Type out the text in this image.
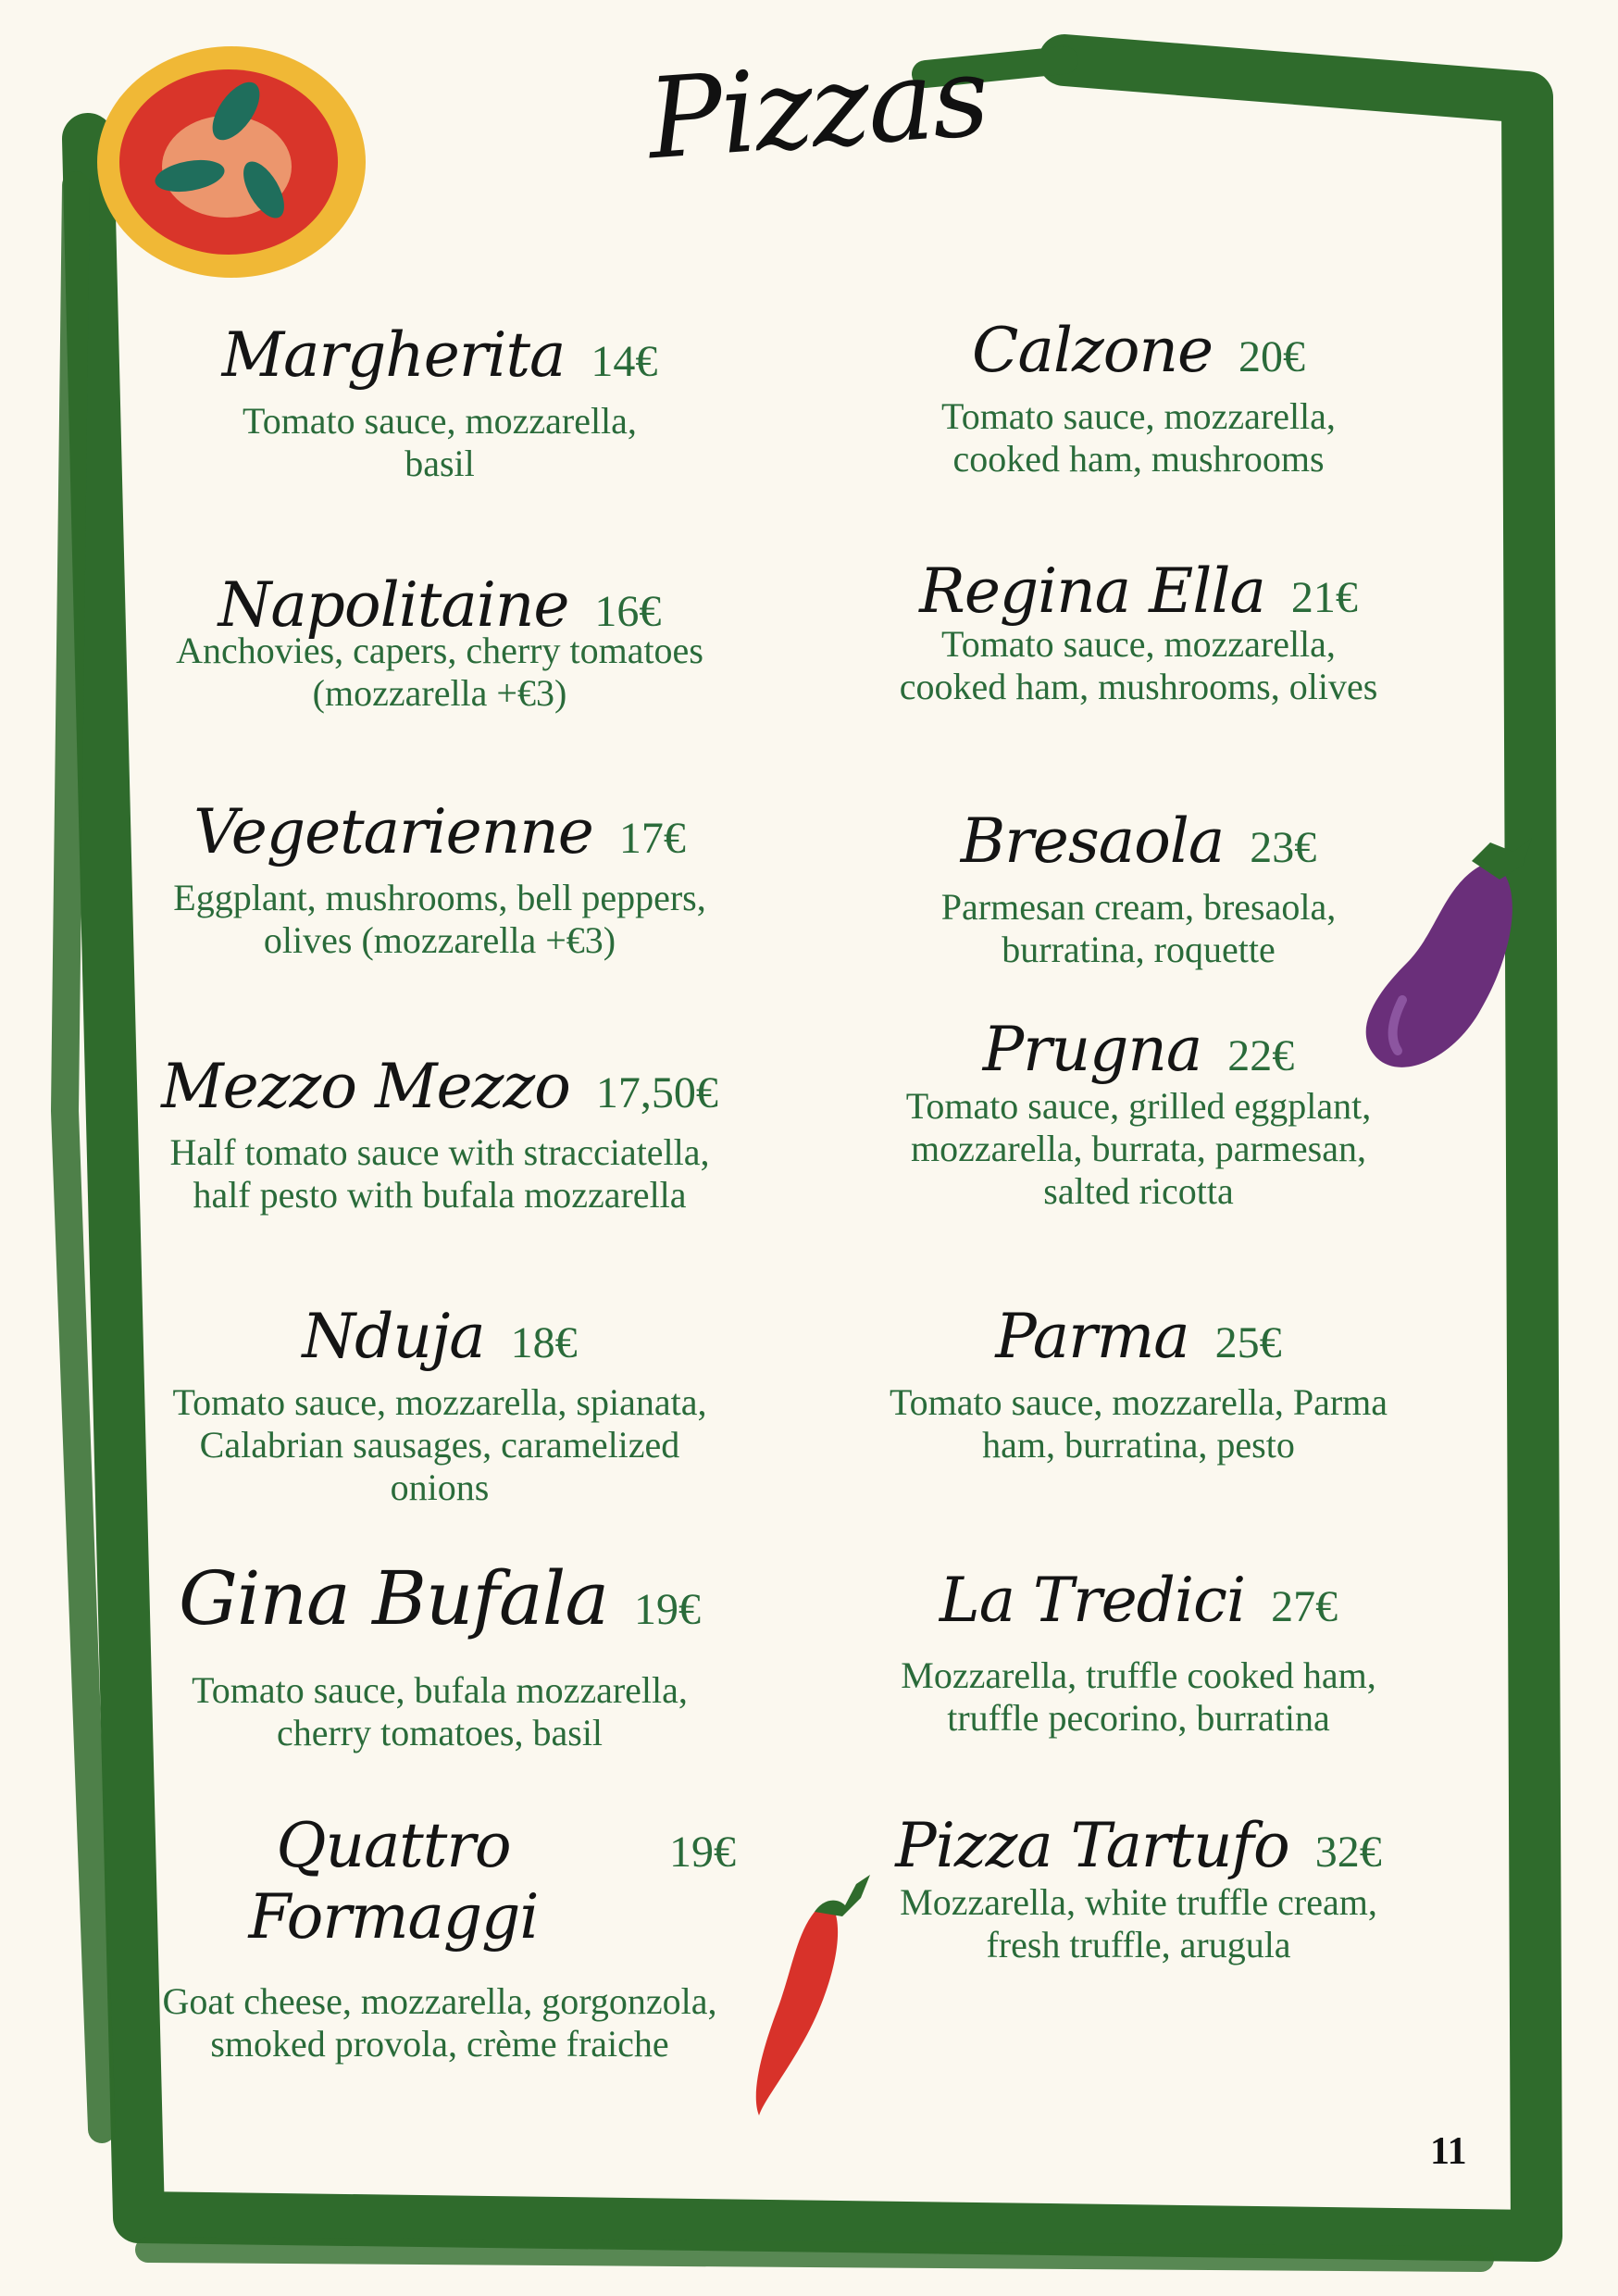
Pizzas
Margherita 14€
Tomato sauce, mozzarella,
basil
Napolitaine 16€
Anchovies, capers, cherry tomatoes
(mozzarella +€3)
Vegetarienne 17€
Eggplant, mushrooms, bell peppers,
olives (mozzarella +€3)
Mezzo Mezzo 17,50€
Half tomato sauce with stracciatella,
half pesto with bufala mozzarella
Nduja 18€
Tomato sauce, mozzarella, spianata,
Calabrian sausages, caramelized
onions
Gina Bufala 19€
Tomato sauce, bufala mozzarella,
cherry tomatoes, basil
Quattro Formaggi
19€
Goat cheese, mozzarella, gorgonzola,
smoked provola, crème fraiche
Calzone 20€
Tomato sauce, mozzarella,
cooked ham, mushrooms
Regina Ella 21€
Tomato sauce, mozzarella,
cooked ham, mushrooms, olives
Bresaola 23€
Parmesan cream, bresaola,
burratina, roquette
Prugna 22€
Tomato sauce, grilled eggplant,
mozzarella, burrata, parmesan,
salted ricotta
Parma 25€
Tomato sauce, mozzarella, Parma
ham, burratina, pesto
La Tredici 27€
Mozzarella, truffle cooked ham,
truffle pecorino, burratina
Pizza Tartufo 32€
Mozzarella, white truffle cream,
fresh truffle, arugula
11
